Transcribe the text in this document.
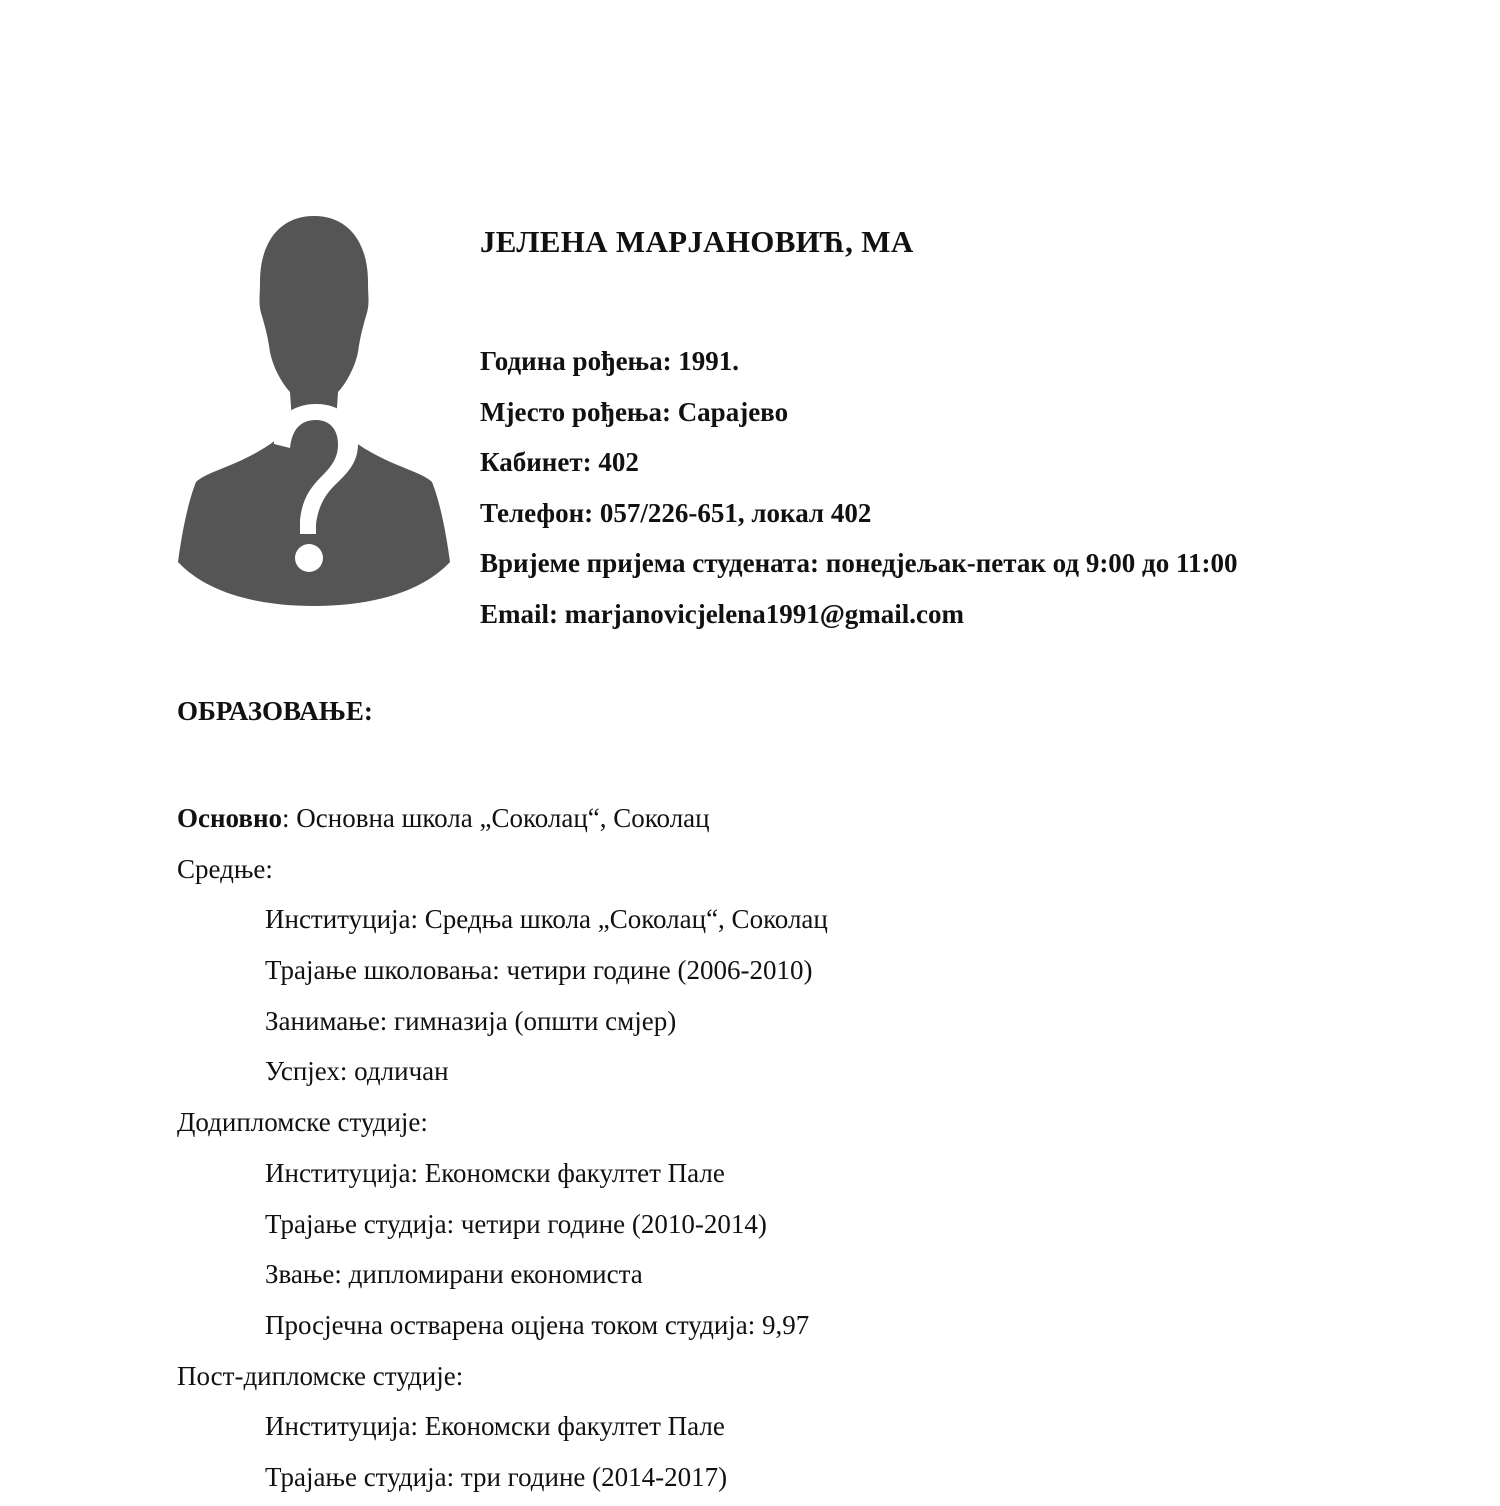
ЈЕЛЕНА МАРЈАНОВИЋ, МА
Година рођења: 1991.
Мјесто рођења: Сарајево
Кабинет: 402
Телефон: 057/226-651, локал 402
Вријеме пријема студената: понедјељак-петак од 9:00 до 11:00
Email: marjanovicjelena1991@gmail.com
ОБРАЗОВАЊЕ:
Основно: Основна школа „Соколац“, Соколац
Средње:
Институција: Средња школа „Соколац“, Соколац
Трајање школовања: четири године (2006-2010)
Занимање: гимназија (општи смјер)
Успјех: одличан
Додипломске студије:
Институција: Економски факултет Пале
Трајање студија: четири године (2010-2014)
Звање: дипломирани економиста
Просјечна остварена оцјена током студија: 9,97
Пост-дипломске студије:
Институција: Економски факултет Пале
Трајање студија: три године (2014-2017)
